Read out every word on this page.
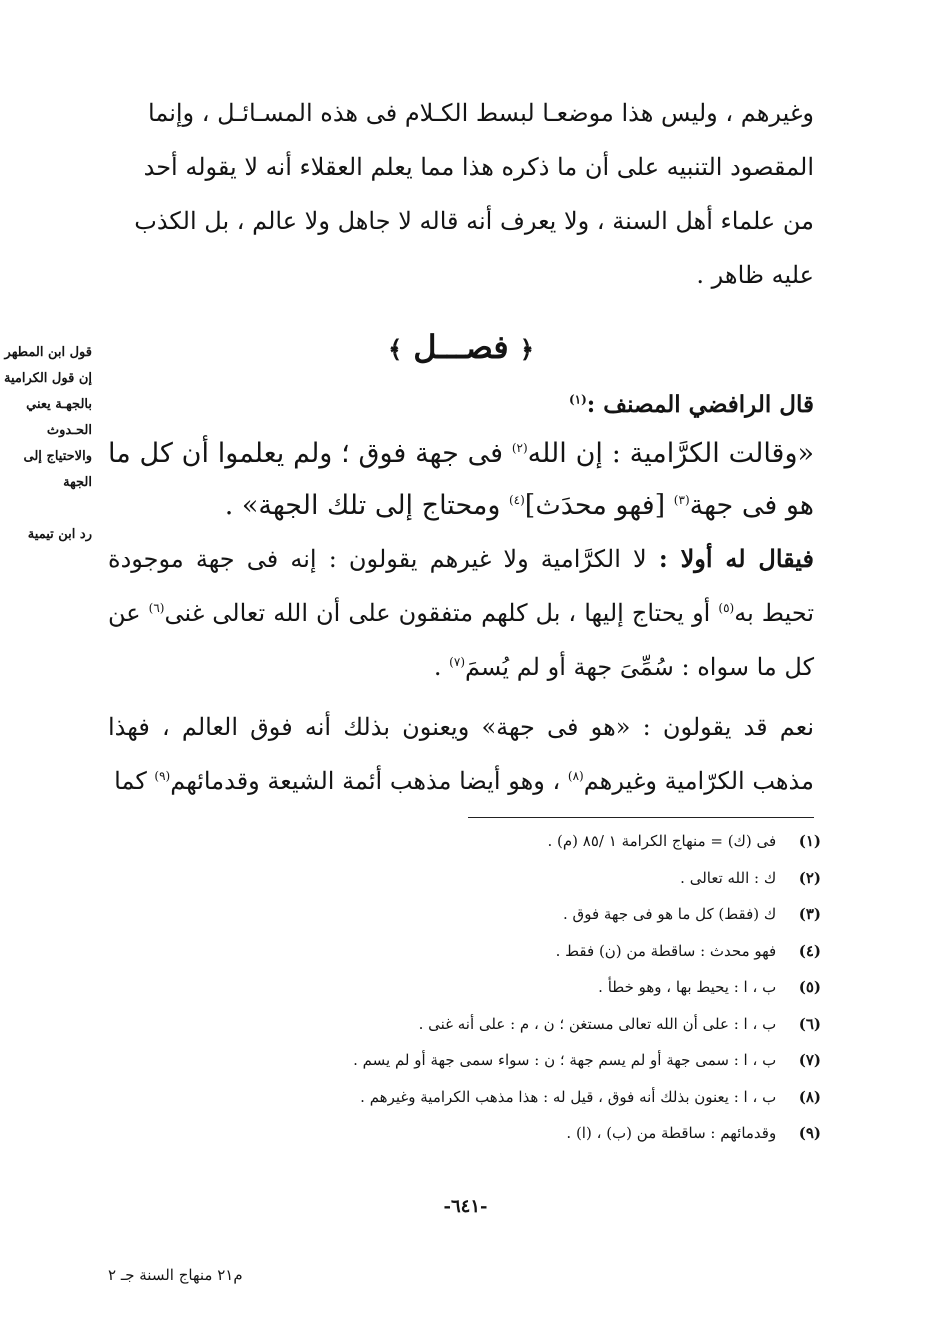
وغيرهم ، وليس هذا موضعـا لبسط الكـلام فى هذه المسـائـل ، وإنما
المقصود التنبيه على أن ما ذكره هذا مما يعلم العقلاء أنه لا يقوله أحد
من علماء أهل السنة ، ولا يعرف أنه قاله لا جاهل ولا عالم ، بل الكذب
عليه ظاهر .

﴿ فصـــل ﴾
قال الرافضي المصنف :$^{(١)}$

«وقالت الكرَّامية : إن الله$^{(٢)}$ فى جهة فوق ؛ ولم يعلموا أن كل ما هو فى جهة$^{(٣)}$ [فهو محدَث]$^{(٤)}$ ومحتاج إلى تلك الجهة» .

فيقال له أولا : لا الكرَّامية ولا غيرهم يقولون : إنه فى جهة موجودة تحيط به$^{(٥)}$ أو يحتاج إليها ، بل كلهم متفقون على أن الله تعالى غنى$^{(٦)}$ عن كل ما سواه : سُمِّىَ جهة أو لم يُسمَ$^{(٧)}$ .

نعم قد يقولون : «هو فى جهة» ويعنون بذلك أنه فوق العالم ، فهذا مذهب الكرّامية وغيرهم$^{(٨)}$ ، وهو أيضا مذهب أئمة الشيعة وقدمائهم$^{(٩)}$ كما

قول ابن المطهر
إن قول الكرامية
بالجهـة يعني
الحـدوث
والاحتياج إلى
الجهة
رد ابن تيمية
(١) فى (ك) = منهاج الكرامة ١ /٨٥ (م) .
(٢) ك : الله تعالى .
(٣) ك (فقط) كل ما هو فى جهة فوق .
(٤) فهو محدث : ساقطة من (ن) فقط .
(٥) ب ، ا : يحيط بها ، وهو خطأ .
(٦) ب ، ا : على أن الله تعالى مستغن ؛ ن ، م : على أنه غنى .
(٧) ب ، ا : سمى جهة أو لم يسم جهة ؛ ن : سواء سمى جهة أو لم يسم .
(٨) ب ، ا : يعنون بذلك أنه فوق ، قيل له : هذا مذهب الكرامية وغيرهم .
(٩) وقدمائهم : ساقطة من (ب) ، (ا) .
-٦٤١-
م٢١ منهاج السنة جـ ٢
